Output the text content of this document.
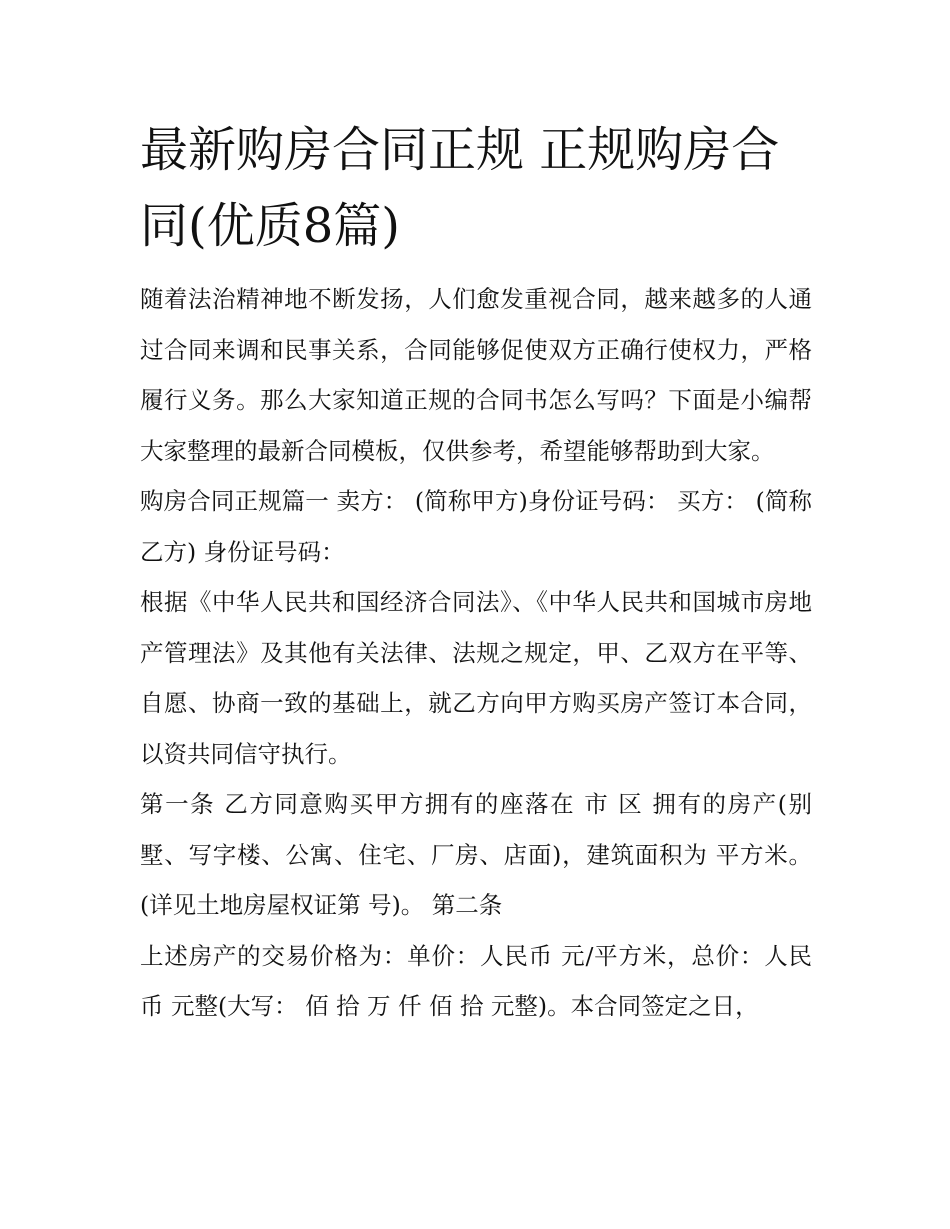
最新购房合同正规 正规购房合同(优质8篇)

随着法治精神地不断发扬，人们愈发重视合同，越来越多的人通过合同来调和民事关系，合同能够促使双方正确行使权力，严格履行义务。那么大家知道正规的合同书怎么写吗？下面是小编帮大家整理的最新合同模板，仅供参考，希望能够帮助到大家。

购房合同正规篇一 卖方： (简称甲方)身份证号码： 买方： (简称乙方) 身份证号码：

根据《中华人民共和国经济合同法》、《中华人民共和国城市房地产管理法》及其他有关法律、法规之规定，甲、乙双方在平等、自愿、协商一致的基础上，就乙方向甲方购买房产签订本合同，以资共同信守执行。

第一条 乙方同意购买甲方拥有的座落在 市 区 拥有的房产(别墅、写字楼、公寓、住宅、厂房、店面)，建筑面积为 平方米。(详见土地房屋权证第 号)。 第二条

上述房产的交易价格为：单价：人民币 元/平方米，总价：人民币 元整(大写： 佰 拾 万 仟 佰 拾 元整)。本合同签定之日，
